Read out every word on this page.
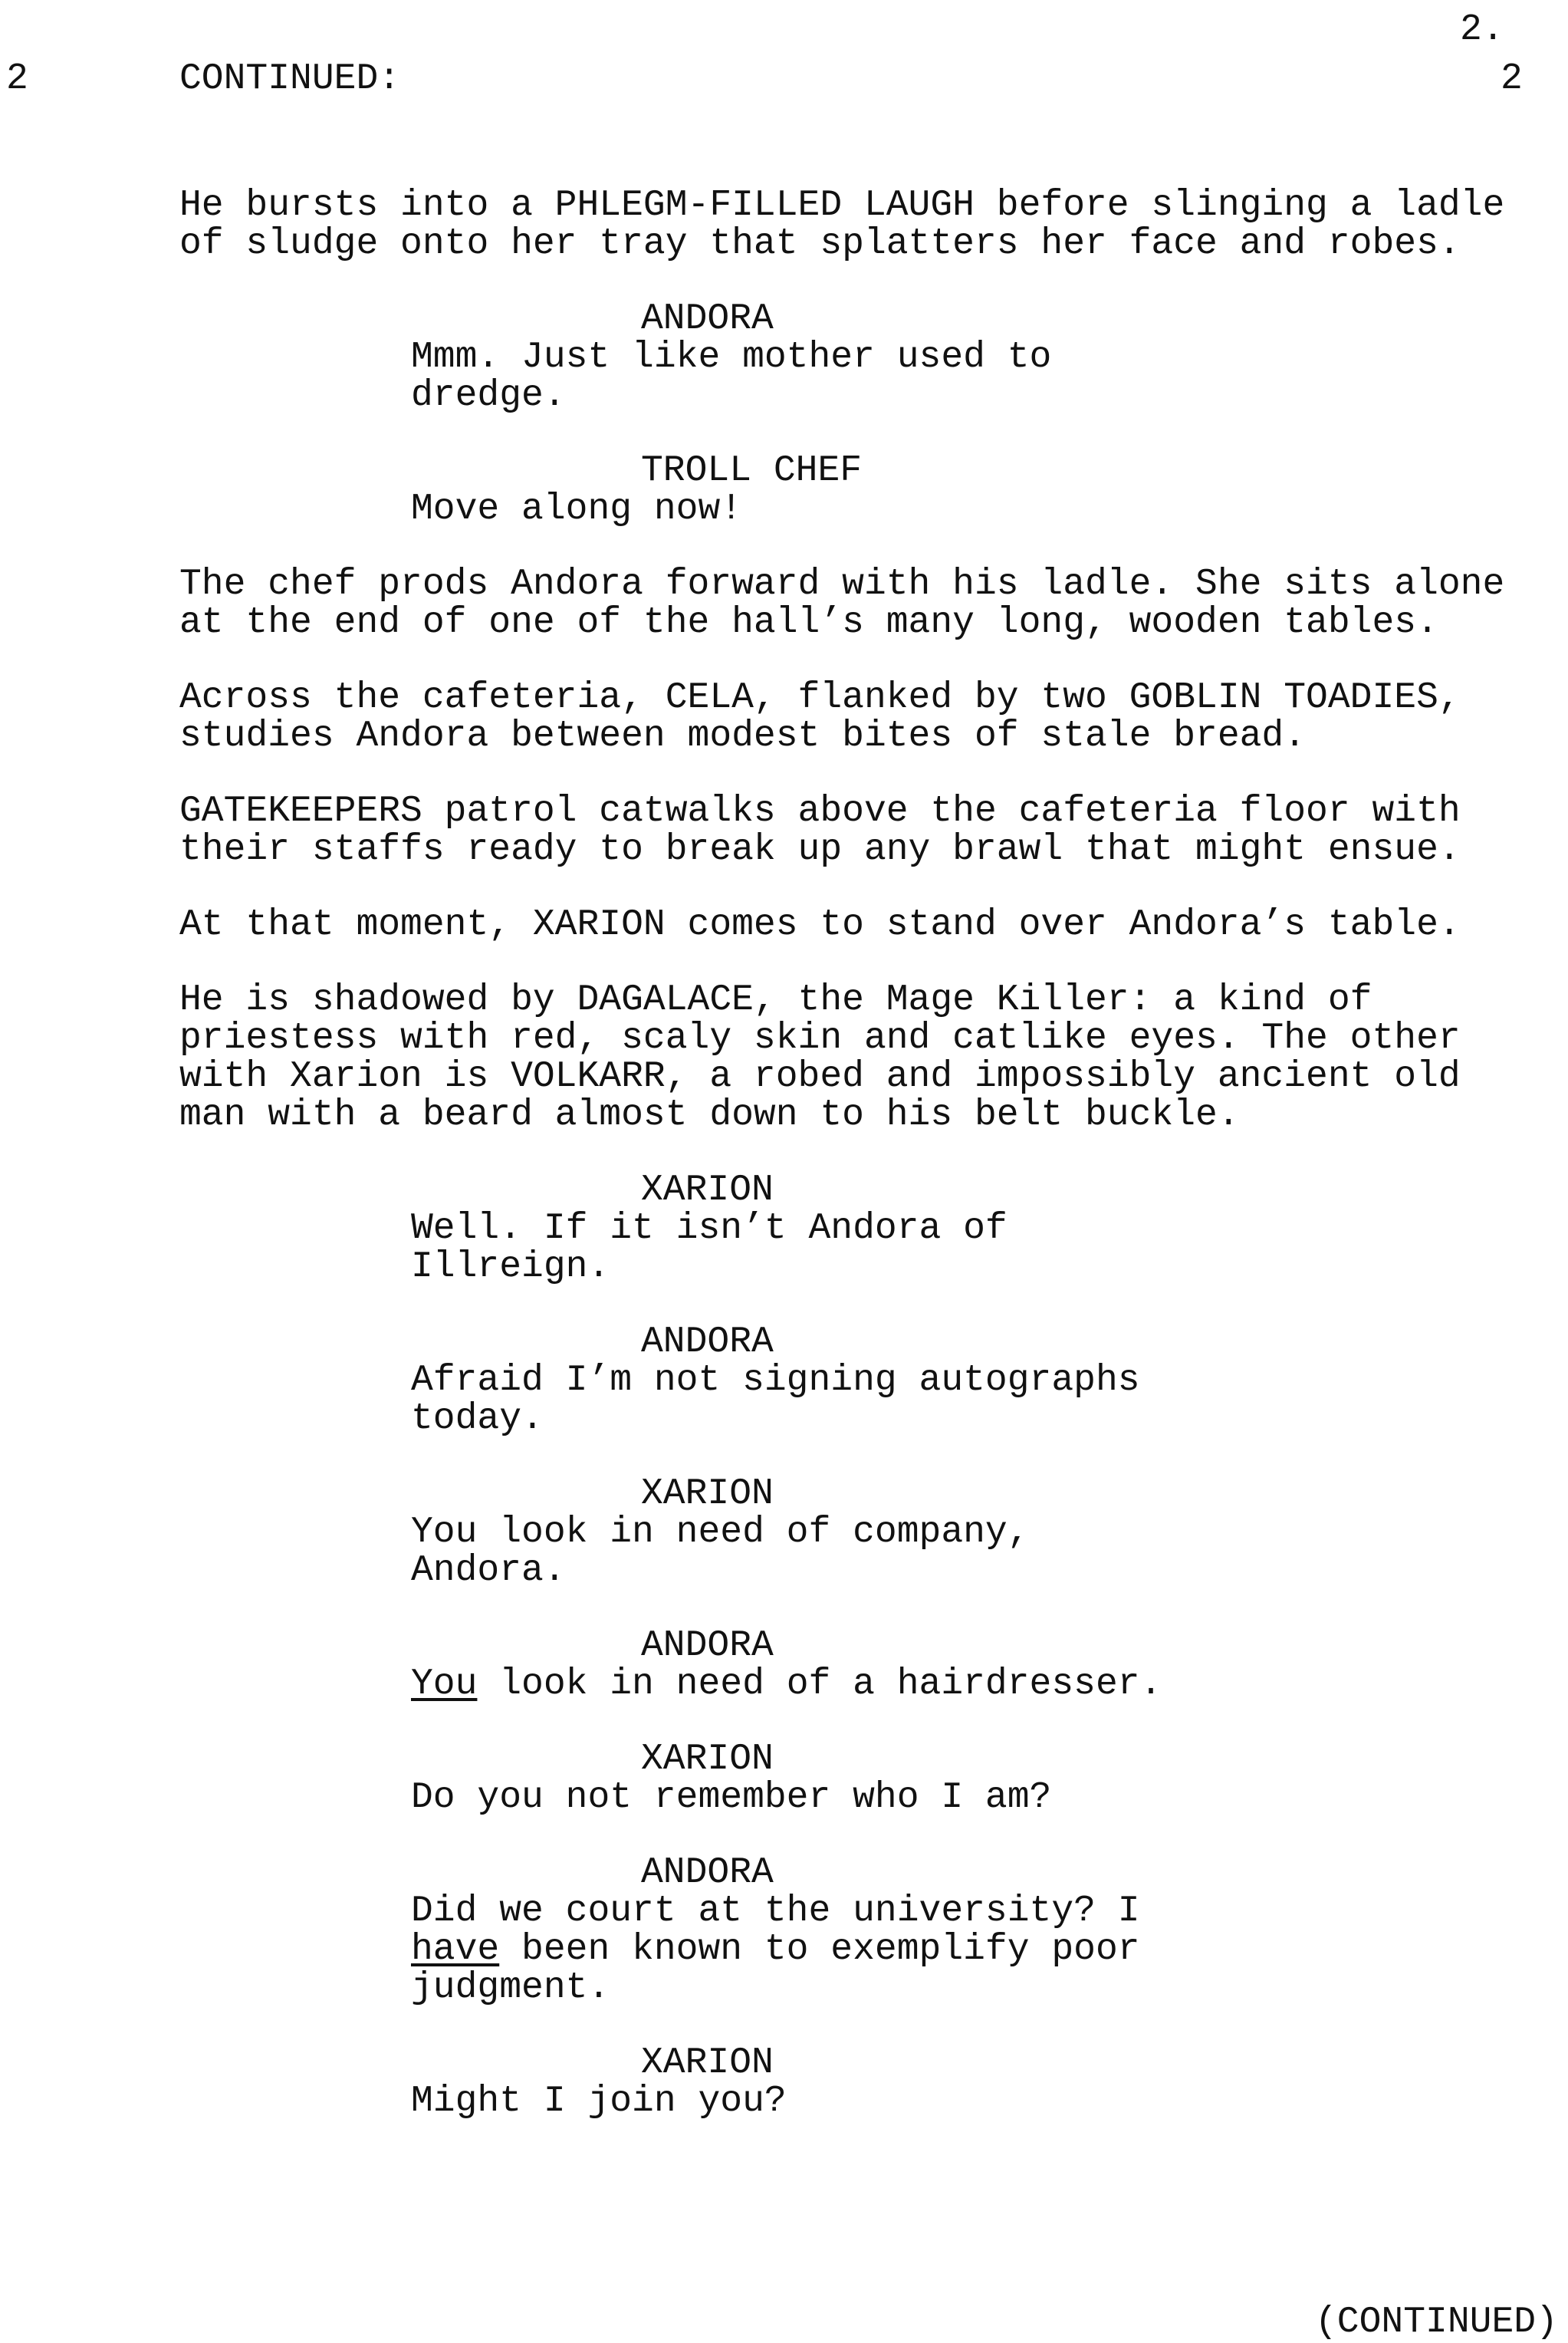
2.
2	CONTINUED:	2
He bursts into a PHLEGM-FILLED LAUGH before slinging a ladle
of sludge onto her tray that splatters her face and robes.
ANDORA
Mmm. Just like mother used to
dredge.
TROLL CHEF
Move along now!
The chef prods Andora forward with his ladle. She sits alone
at the end of one of the hall’s many long, wooden tables.
Across the cafeteria, CELA, flanked by two GOBLIN TOADIES,
studies Andora between modest bites of stale bread.
GATEKEEPERS patrol catwalks above the cafeteria floor with
their staffs ready to break up any brawl that might ensue.
At that moment, XARION comes to stand over Andora’s table.
He is shadowed by DAGALACE, the Mage Killer: a kind of
priestess with red, scaly skin and catlike eyes. The other
with Xarion is VOLKARR, a robed and impossibly ancient old
man with a beard almost down to his belt buckle.
XARION
Well. If it isn’t Andora of
Illreign.
ANDORA
Afraid I’m not signing autographs
today.
XARION
You look in need of company,
Andora.
ANDORA
You look in need of a hairdresser.
XARION
Do you not remember who I am?
ANDORA
Did we court at the university? I
have been known to exemplify poor
judgment.
XARION
Might I join you?
(CONTINUED)
